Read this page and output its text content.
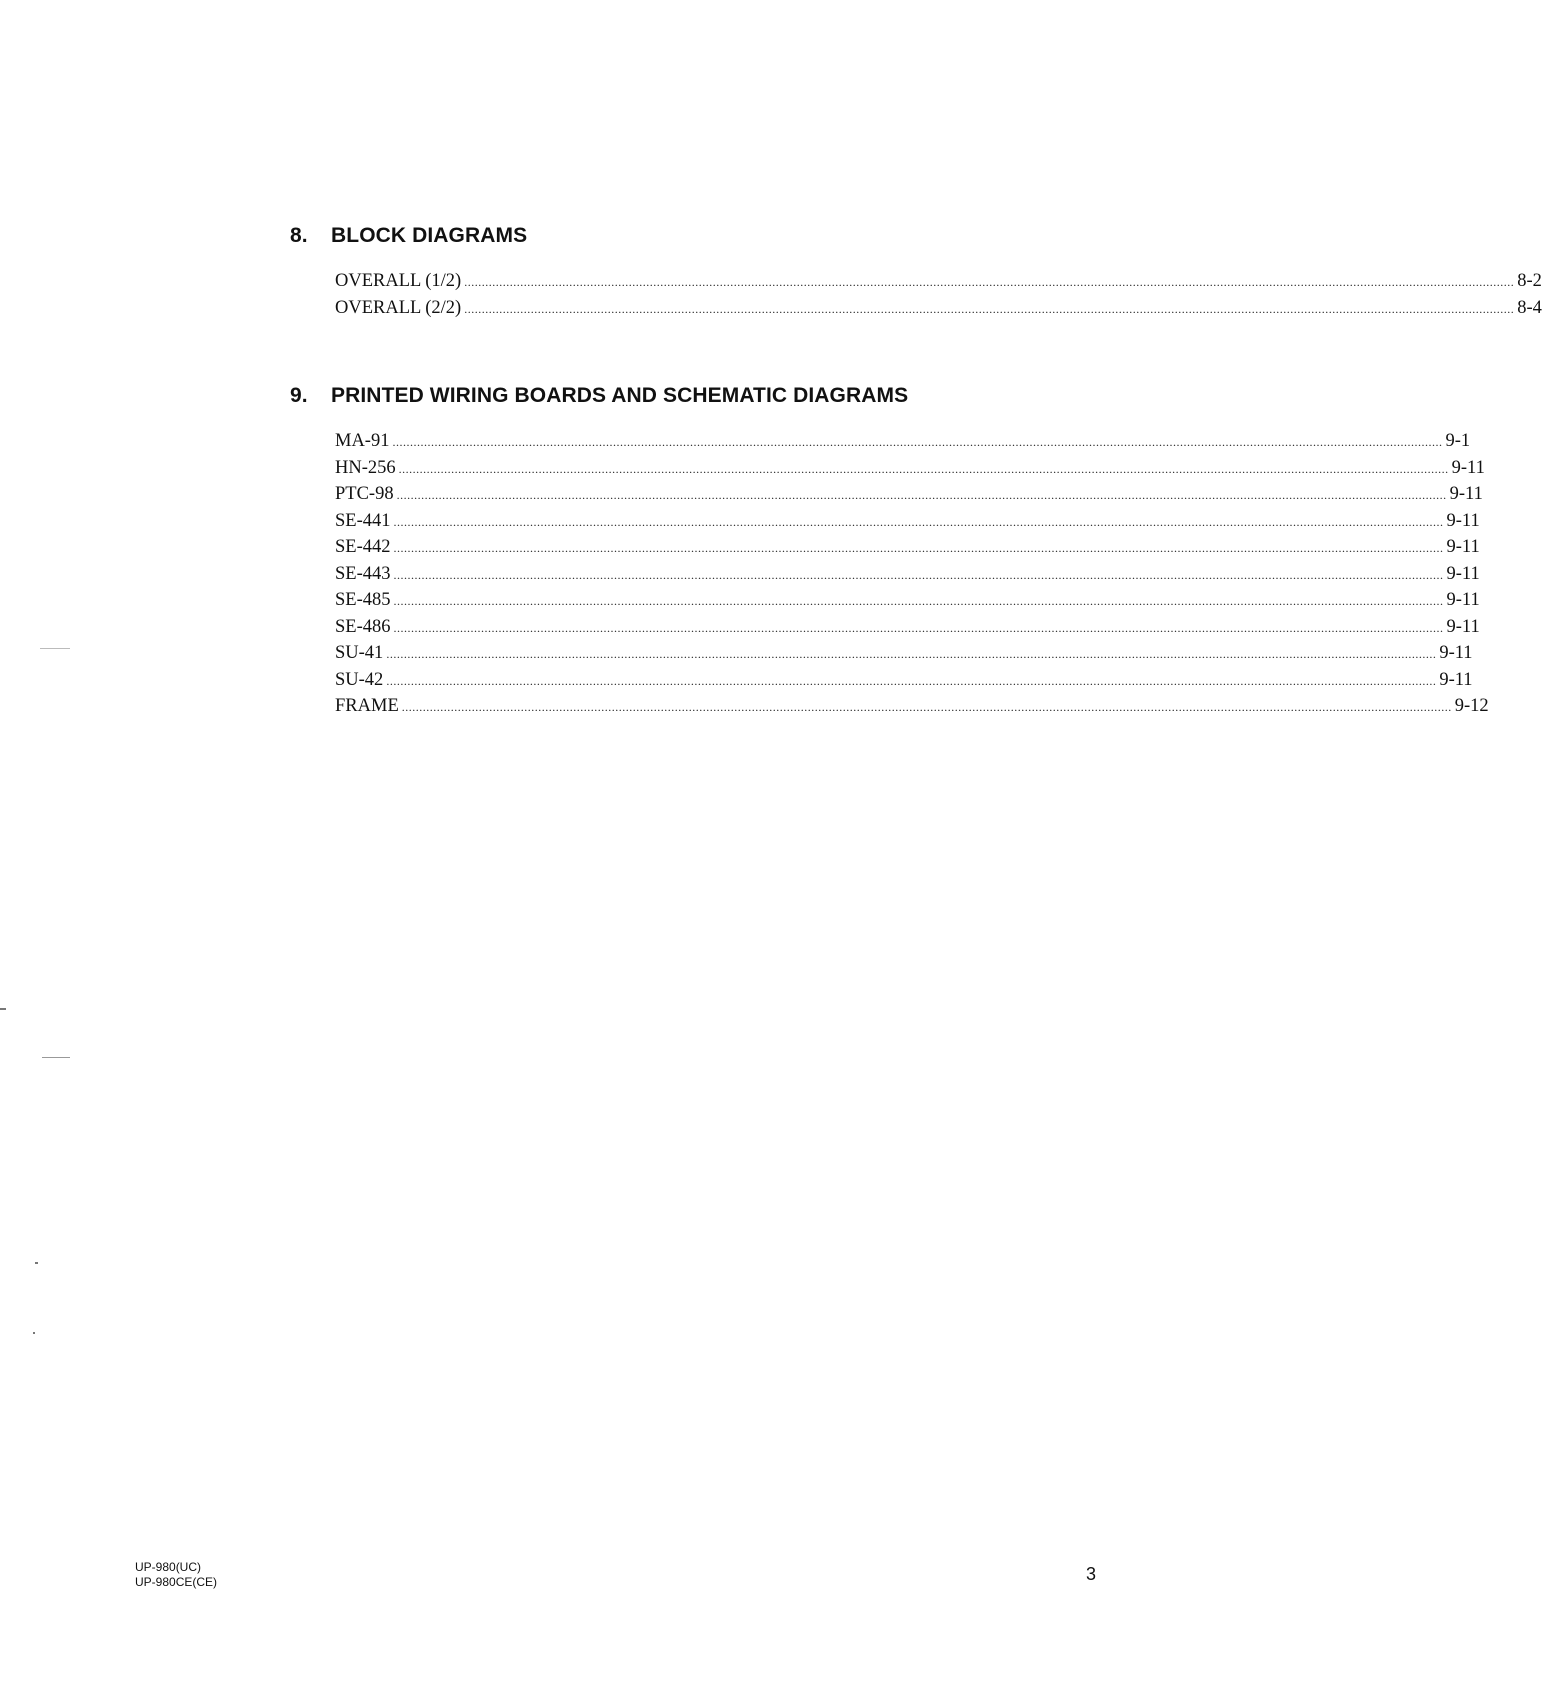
8.	BLOCK DIAGRAMS
OVERALL (1/2) ............................................................................................................................................................................................................................................................................................................ 8-2
OVERALL (2/2) ............................................................................................................................................................................................................................................................................................................ 8-4
9.	PRINTED WIRING BOARDS AND SCHEMATIC DIAGRAMS
MA-91 ............................................................................................................................................................................................................................................................................................................ 9-1
HN-256 ............................................................................................................................................................................................................................................................................................................ 9-11
PTC-98 ............................................................................................................................................................................................................................................................................................................ 9-11
SE-441 ............................................................................................................................................................................................................................................................................................................ 9-11
SE-442 ............................................................................................................................................................................................................................................................................................................ 9-11
SE-443 ............................................................................................................................................................................................................................................................................................................ 9-11
SE-485 ............................................................................................................................................................................................................................................................................................................ 9-11
SE-486 ............................................................................................................................................................................................................................................................................................................ 9-11
SU-41 ............................................................................................................................................................................................................................................................................................................ 9-11
SU-42 ............................................................................................................................................................................................................................................................................................................ 9-11
FRAME ............................................................................................................................................................................................................................................................................................................ 9-12
UP-980(UC)
UP-980CE(CE)	3
